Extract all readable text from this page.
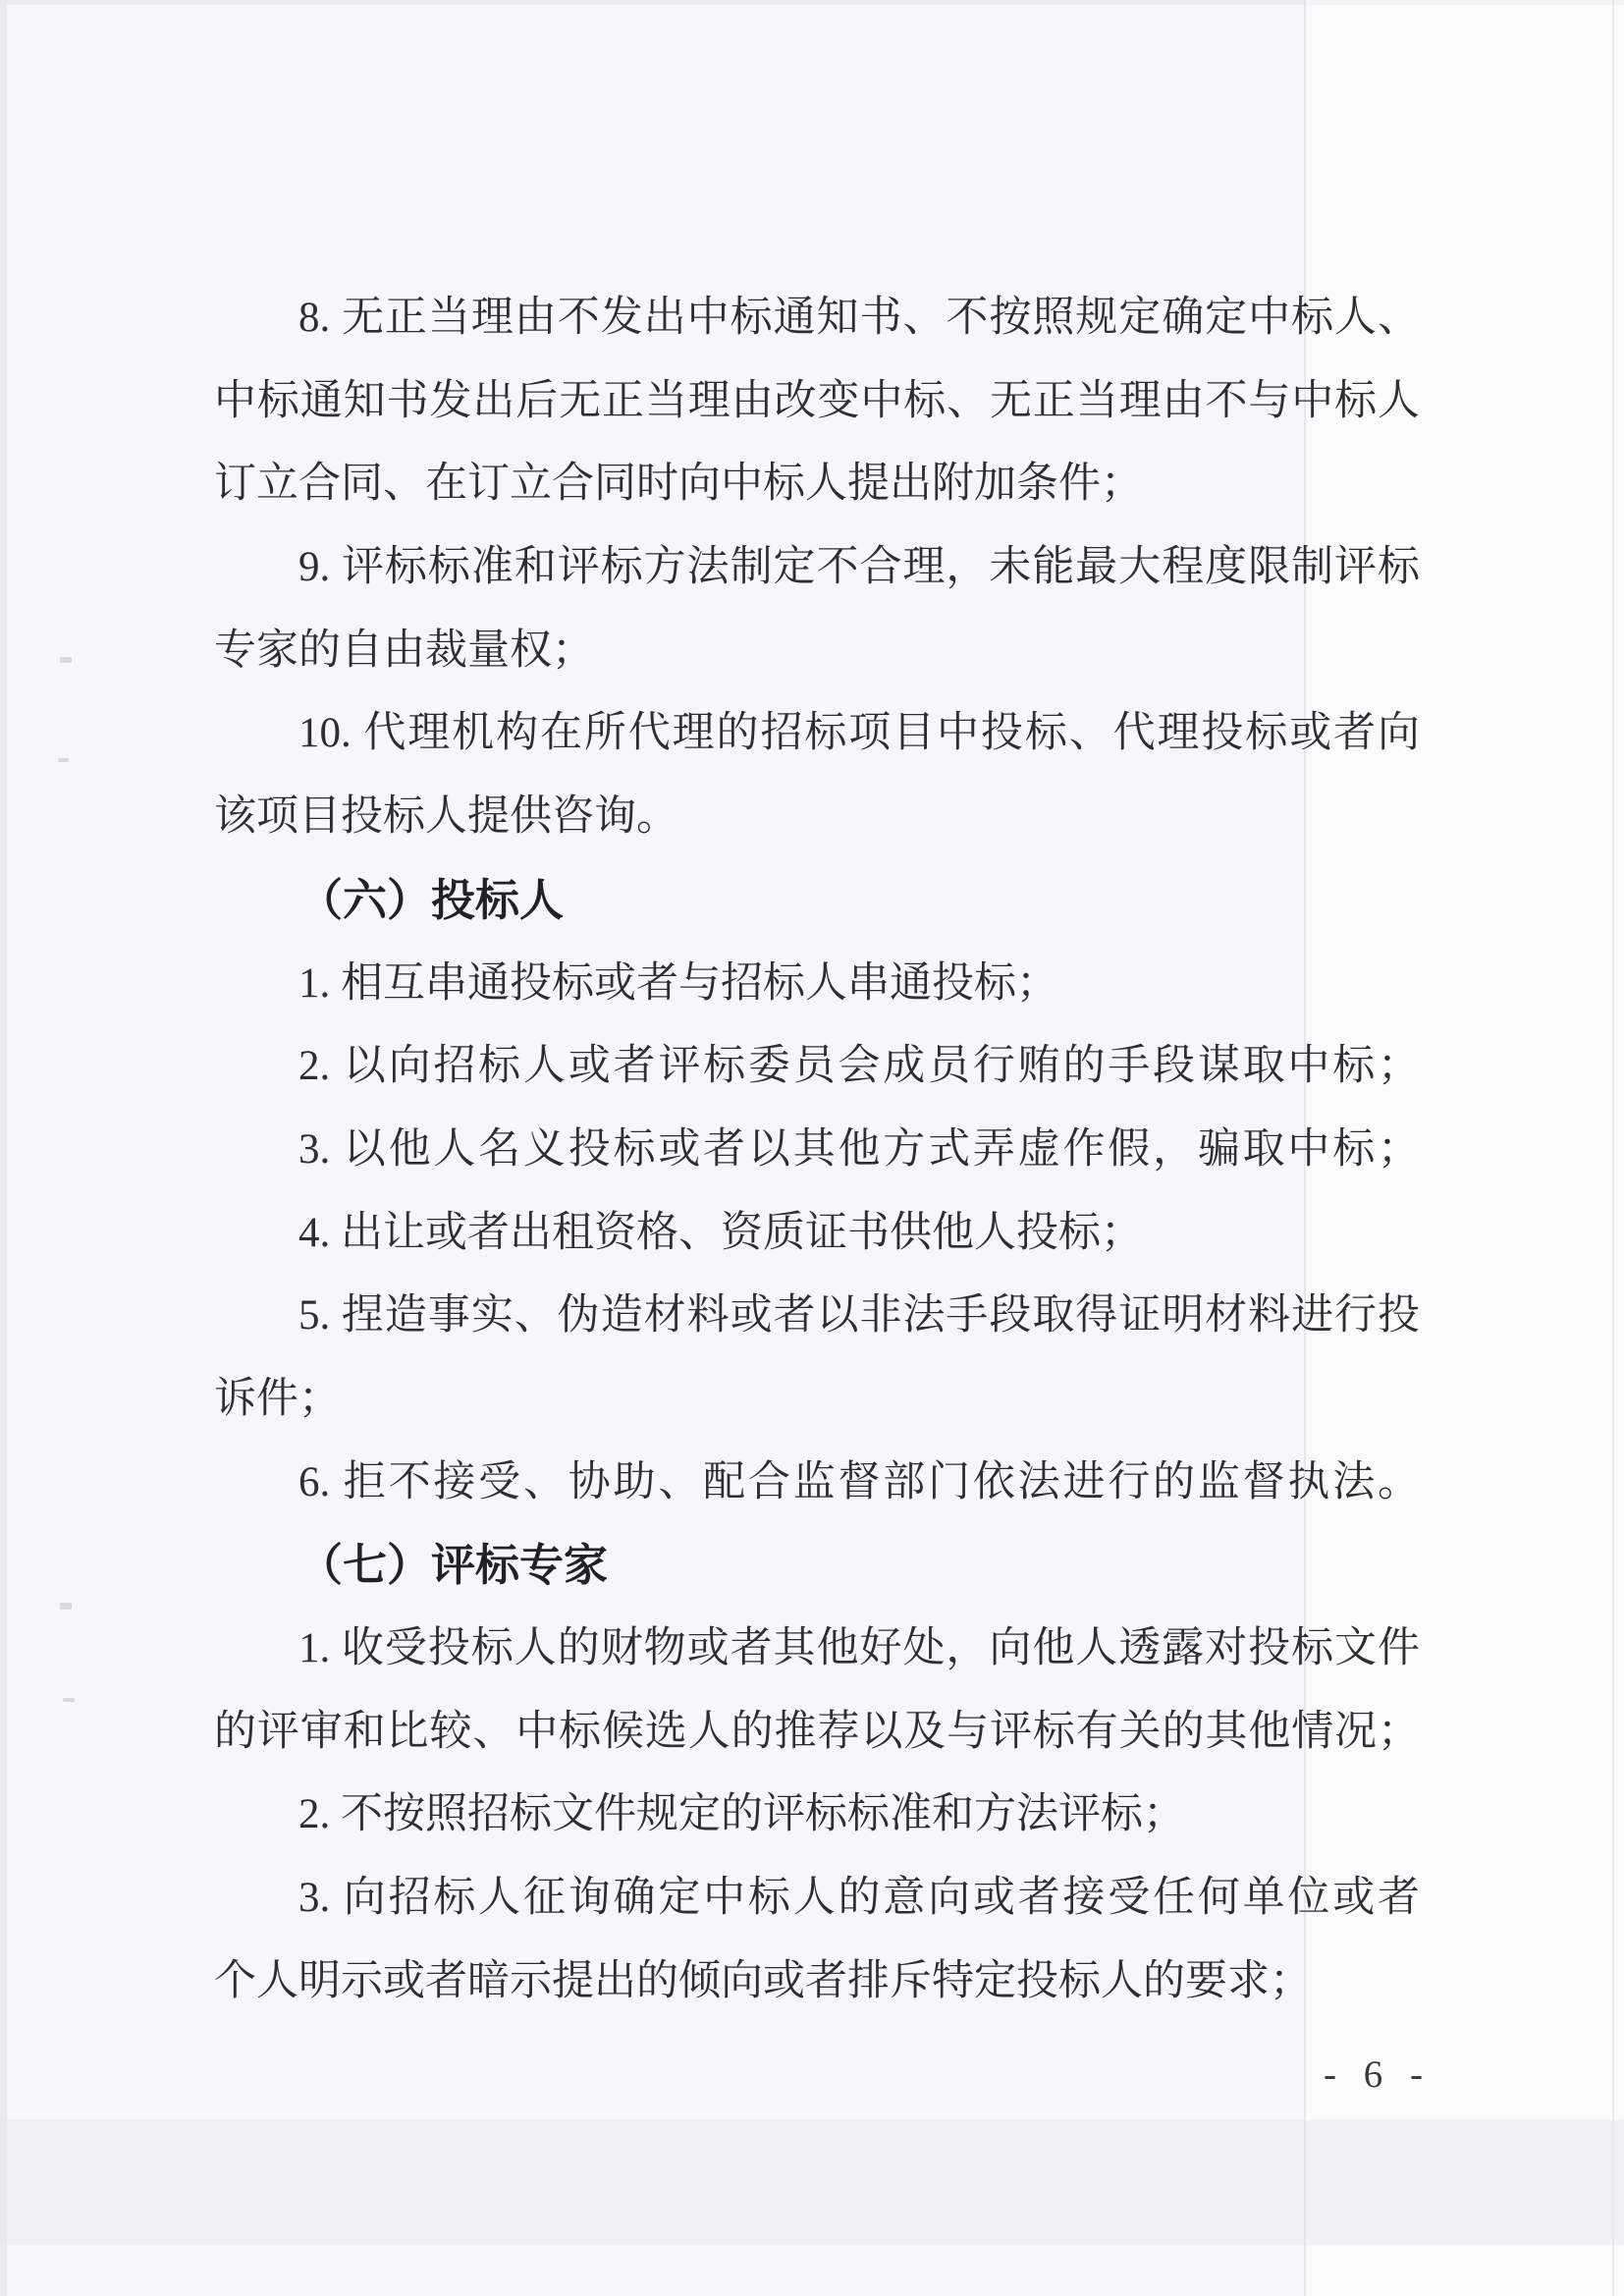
8. 无正当理由不发出中标通知书、不按照规定确定中标人、
中标通知书发出后无正当理由改变中标、无正当理由不与中标人
订立合同、在订立合同时向中标人提出附加条件；
9. 评标标准和评标方法制定不合理，未能最大程度限制评标
专家的自由裁量权；
10. 代理机构在所代理的招标项目中投标、代理投标或者向
该项目投标人提供咨询。
（六）投标人
1. 相互串通投标或者与招标人串通投标；
2. 以向招标人或者评标委员会成员行贿的手段谋取中标；
3. 以他人名义投标或者以其他方式弄虚作假，骗取中标；
4. 出让或者出租资格、资质证书供他人投标；
5. 捏造事实、伪造材料或者以非法手段取得证明材料进行投
诉件；
6. 拒不接受、协助、配合监督部门依法进行的监督执法。
（七）评标专家
1. 收受投标人的财物或者其他好处，向他人透露对投标文件
的评审和比较、中标候选人的推荐以及与评标有关的其他情况；
2. 不按照招标文件规定的评标标准和方法评标；
3. 向招标人征询确定中标人的意向或者接受任何单位或者
个人明示或者暗示提出的倾向或者排斥特定投标人的要求；
- 6 -
